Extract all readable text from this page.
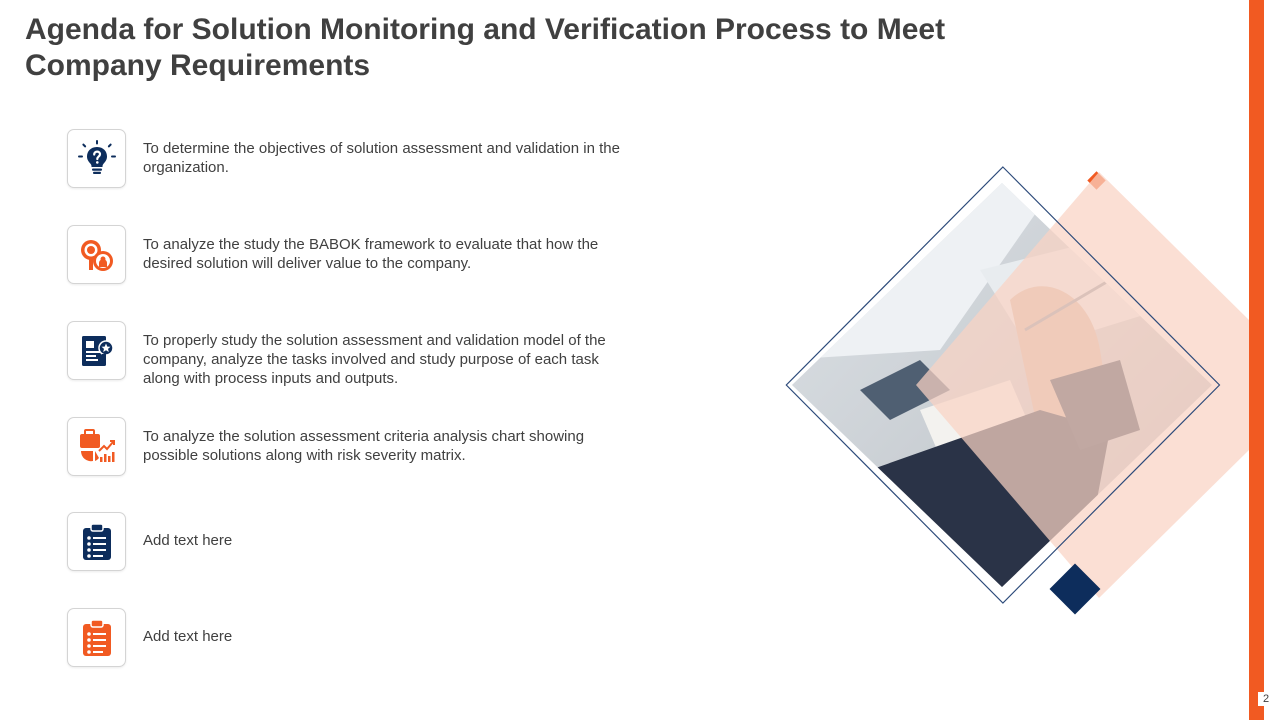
Agenda for Solution Monitoring and Verification Process to Meet
Company Requirements
To determine the objectives of solution assessment and validation in the organization.
To analyze the study the BABOK framework to evaluate that how the desired solution will deliver value to the company.
To properly study the solution assessment and validation model of the company, analyze the tasks involved and study purpose of each task along with process inputs and outputs.
To analyze the solution assessment criteria analysis chart showing possible solutions along with risk severity matrix.
Add text here
Add text here
2
